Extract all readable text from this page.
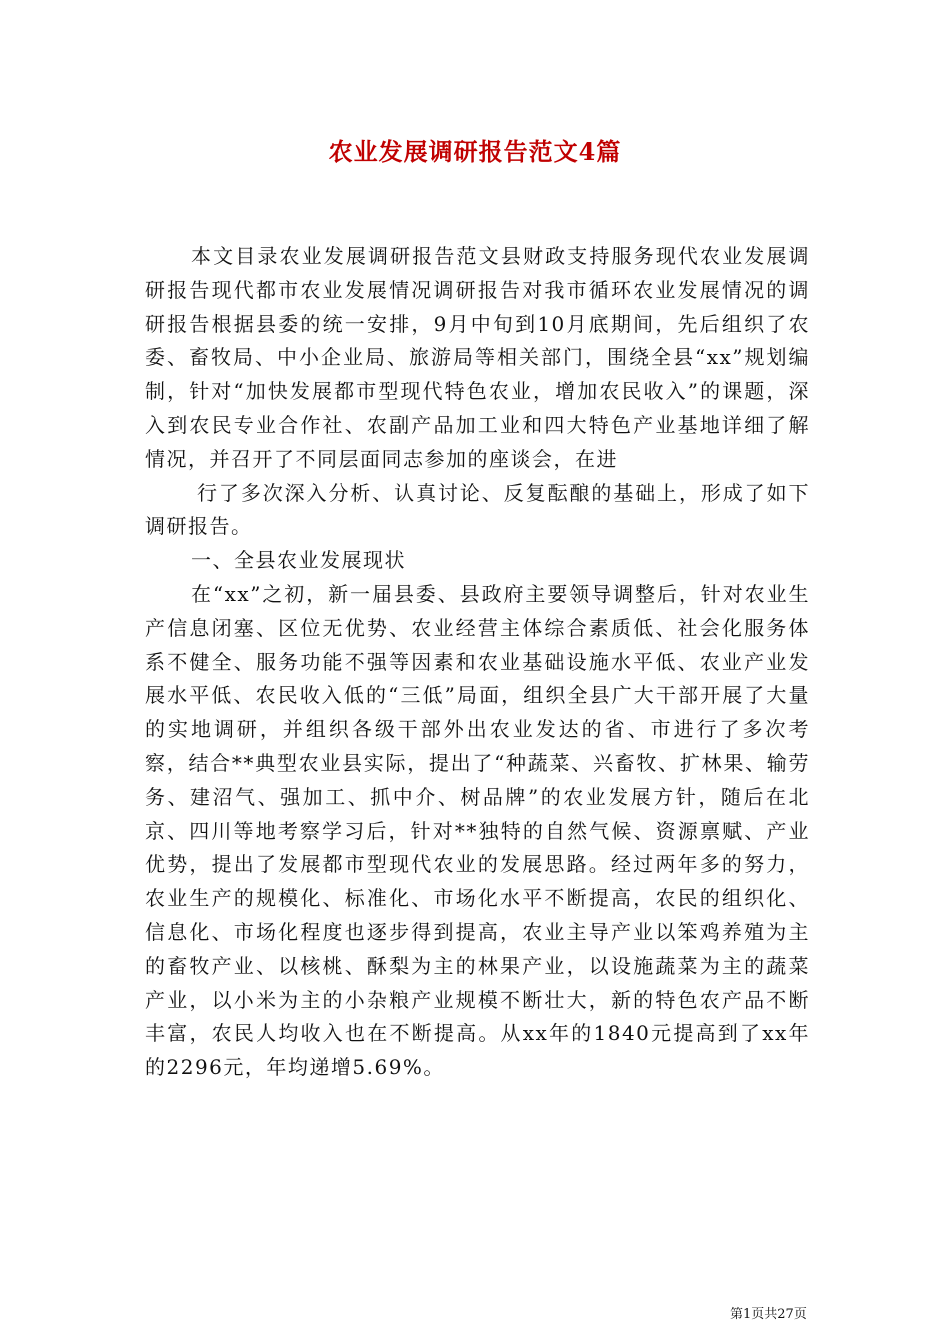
农业发展调研报告范文4篇

本文目录农业发展调研报告范文县财政支持服务现代农业发展调研报告现代都市农业发展情况调研报告对我市循环农业发展情况的调研报告根据县委的统一安排，9月中旬到10月底期间，先后组织了农委、畜牧局、中小企业局、旅游局等相关部门，围绕全县“xx”规划编制，针对“加快发展都市型现代特色农业，增加农民收入”的课题，深入到农民专业合作社、农副产品加工业和四大特色产业基地详细了解情况，并召开了不同层面同志参加的座谈会，在进

行了多次深入分析、认真讨论、反复酝酿的基础上，形成了如下调研报告。

一、全县农业发展现状

在“xx”之初，新一届县委、县政府主要领导调整后，针对农业生产信息闭塞、区位无优势、农业经营主体综合素质低、社会化服务体系不健全、服务功能不强等因素和农业基础设施水平低、农业产业发展水平低、农民收入低的“三低”局面，组织全县广大干部开展了大量的实地调研，并组织各级干部外出农业发达的省、市进行了多次考察，结合**典型农业县实际，提出了“种蔬菜、兴畜牧、扩林果、输劳务、建沼气、强加工、抓中介、树品牌”的农业发展方针，随后在北京、四川等地考察学习后，针对**独特的自然气候、资源禀赋、产业优势，提出了发展都市型现代农业的发展思路。经过两年多的努力，农业生产的规模化、标准化、市场化水平不断提高，农民的组织化、信息化、市场化程度也逐步得到提高，农业主导产业以笨鸡养殖为主的畜牧产业、以核桃、酥梨为主的林果产业，以设施蔬菜为主的蔬菜产业，以小米为主的小杂粮产业规模不断壮大，新的特色农产品不断丰富，农民人均收入也在不断提高。从xx年的1840元提高到了xx年的2296元，年均递增5.69%。

第1页共27页
